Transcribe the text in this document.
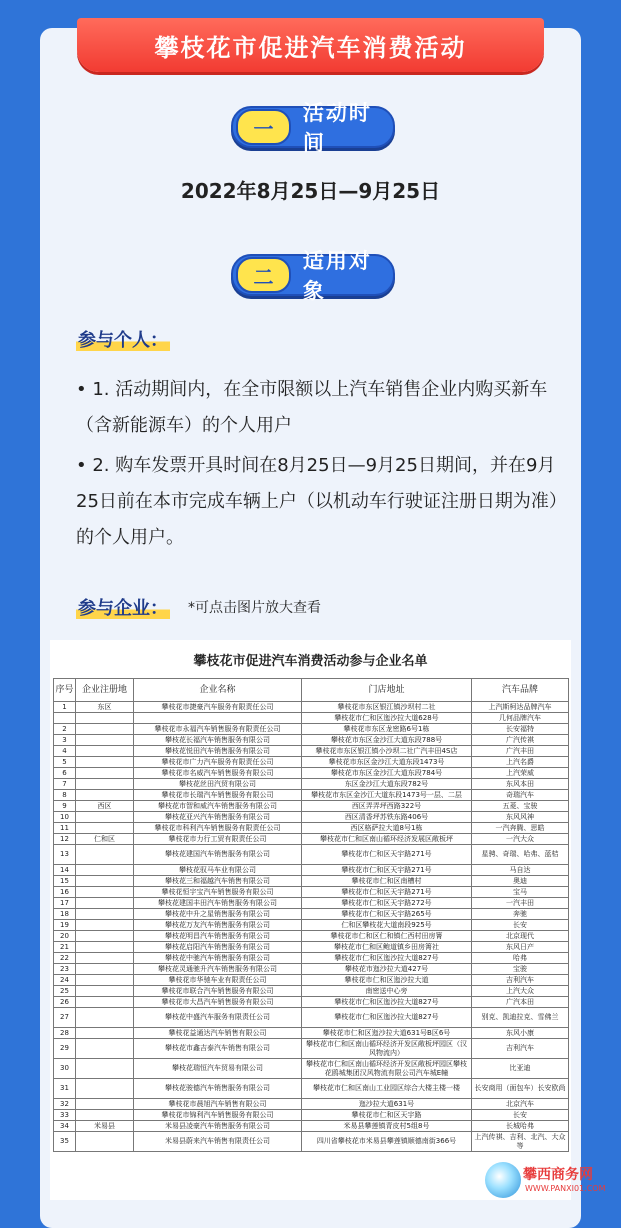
攀枝花市促进汽车消费活动
一
活动时间
2022年8月25日—9月25日
二
适用对象
参与个人：
• 1. 活动期间内，在全市限额以上汽车销售企业内购买新车（含新能源车）的个人用户
• 2. 购车发票开具时间在8月25日—9月25日期间，并在9月25日前在本市完成车辆上户（以机动车行驶证注册日期为准）的个人用户。
参与企业： *可点击图片放大查看
攀枝花市促进汽车消费活动参与企业名单
序号	企业注册地	企业名称	门店地址	汽车品牌
1	东区	攀枝花市捷豪汽车服务有限责任公司	攀枝花市东区银江镇沙坝村二社	上汽斯柯达品牌汽车
			攀枝花市仁和区迤沙拉大道628号	几何品牌汽车
2		攀枝花市永福汽车销售服务有限责任公司	攀枝花市东区龙密路6号1栋	长安福特
3		攀枝花长福汽车销售服务有限公司	攀枝花市东区金沙江大道东段788号	广汽传祺
4		攀枝花悦田汽车销售服务有限公司	攀枝花市东区银江镇小沙坝二社广汽丰田4S店	广汽丰田
5		攀枝花市广力汽车服务有限责任公司	攀枝花市东区金沙江大道东段1473号	上汽名爵
6		攀枝花市名威汽车销售服务有限公司	攀枝花市东区金沙江大道东段784号	上汽荣威
7		攀枝花丝田汽贸有限公司	东区金沙江大道东段782号	东风本田
8		攀枝花市长瑞汽车销售服务有限公司	攀枝花市东区金沙江大道东段1473号一层、二层	奇瑞汽车
9	西区	攀枝花市智和威汽车销售服务有限公司	西区弄弄坪西路322号	五菱、宝骏
10		攀枝花亚兴汽车销售服务有限公司	西区清香坪苏铁东路406号	东风风神
11		攀枝花市科利汽车销售服务有限责任公司	西区格萨拉大道8号1栋	一汽奔腾、思皓
12	仁和区	攀枝花市力行工贸有限责任公司	攀枝花市仁和区南山循环经济发展区敞板坪	一汽大众
13		攀枝花建国汽车销售服务有限公司	攀枝花市仁和区天宇路271号	星骋、奇瑞、哈弗、蓝桔
14		攀枝花驭马车业有限公司	攀枝花市仁和区天宇路271号	马自达
15		攀枝花三和福越汽车销售有限公司	攀枝花市仁和区南槽村	奥迪
16		攀枝花恒宇宝汽车销售服务有限公司	攀枝花市仁和区天宇路271号	宝马
17		攀枝花建国丰田汽车销售服务有限公司	攀枝花市仁和区天宇路272号	一汽丰田
18		攀枝花中升之星销售服务有限公司	攀枝花市仁和区天宇路265号	奔驰
19		攀枝花万友汽车销售服务有限公司	仁和区攀枝花大道南段925号	长安
20		攀枝花明昌汽车销售服务有限公司	攀枝花市仁和区仁和镇仁西村田房箐	北京现代
21		攀枝花启阳汽车销售服务有限公司	攀枝花市仁和区鲍道镇乡田房箐社	东风日产
22		攀枝花中驰汽车销售服务有限公司	攀枝花市仁和区迤沙拉大道827号	哈弗
23		攀枝花灵通驰升汽车销售服务有限公司	攀枝花市迤沙拉大道427号	宝骏
24		攀枝花市华驰车业有限责任公司	攀枝花市仁和区迤沙拉大道	吉利汽车
25		攀枝花市联合汽车销售服务有限公司	南密送中心旁	上汽大众
26		攀枝花市大昌汽车销售服务有限公司	攀枝花市仁和区迤沙拉大道827号	广汽本田
27		攀枝花中盛汽车服务有限责任公司	攀枝花市仁和区迤沙拉大道827号	别克、凯迪拉克、雪佛兰
28		攀枝花益通达汽车销售有限公司	攀枝花市仁和区迤沙拉大道631号B区6号	东风小康
29		攀枝花市鑫吉泰汽车销售有限公司	攀枝花市仁和区南山循环经济开发区敞板坪园区（汉风物流内）	吉利汽车
30		攀枝花瑞恒汽车贸易有限公司	攀枝花市仁和区南山循环经济开发区敞板坪园区攀枝花鸥城集团汉风物流有限公司汽车城E幢	比亚迪
31		攀枝花骏德汽车销售服务有限公司	攀枝花市仁和区南山工业园区综合大楼主楼一楼	长安商用（面包车）长安欧尚
32		攀枝花市晨旭汽车销售有限公司	迤沙拉大道631号	北京汽车
33		攀枝花市锦利汽车销售服务有限公司	攀枝花市仁和区天宇路	长安
34	米易县	米易县凌豪汽车销售服务有限公司	米易县攀莲镇青皮村5组8号	长城哈弗
35		米易县蔚来汽车销售有限责任公司	四川省攀枝花市米易县攀莲镇顺德南街366号	上汽传祺、吉利、北汽、大众等
攀西商务网
WWW.PANXI01.COM
